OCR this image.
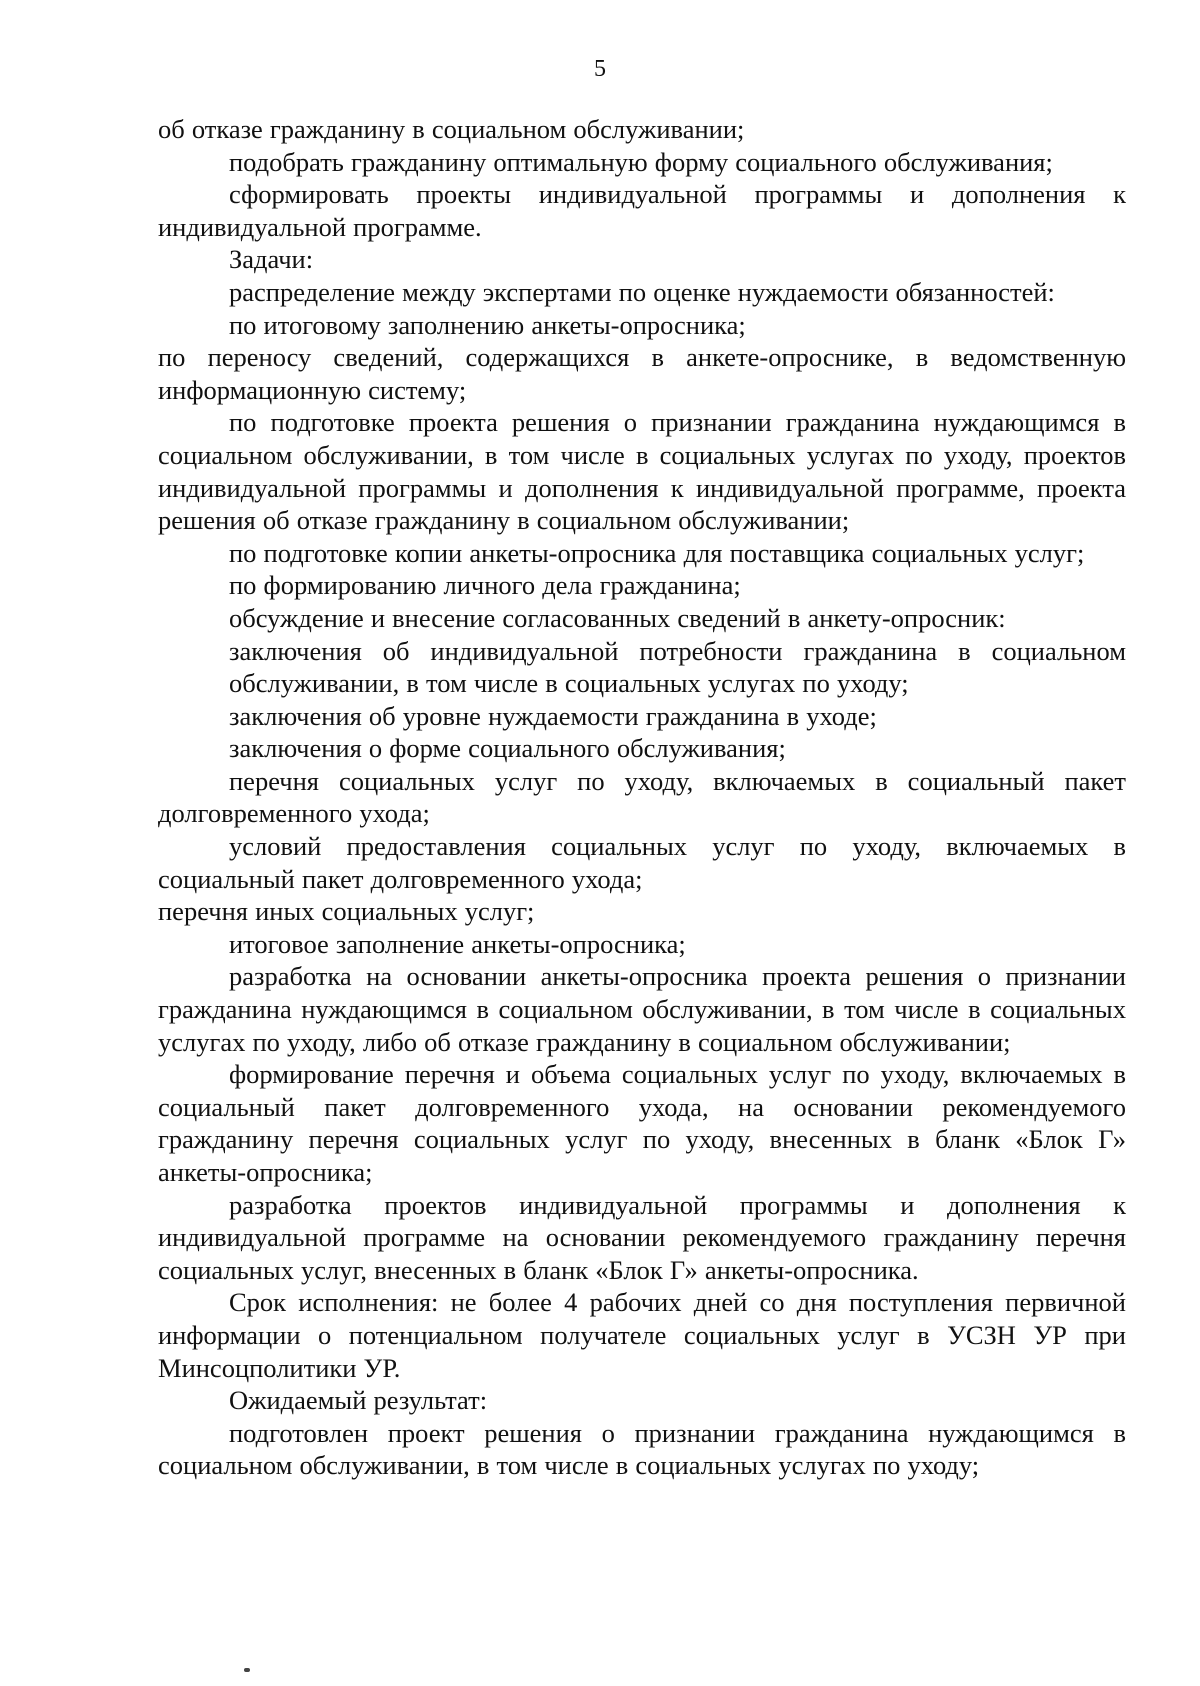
5

об отказе гражданину в социальном обслуживании;

подобрать гражданину оптимальную форму социального обслуживания;

сформировать проекты индивидуальной программы и дополнения к индивидуальной программе.

Задачи:

распределение между экспертами по оценке нуждаемости обязанностей:

по итоговому заполнению анкеты-опросника;

по переносу сведений, содержащихся в анкете-опроснике, в ведомственную информационную систему;

по подготовке проекта решения о признании гражданина нуждающимся в социальном обслуживании, в том числе в социальных услугах по уходу, проектов индивидуальной программы и дополнения к индивидуальной программе, проекта решения об отказе гражданину в социальном обслуживании;

по подготовке копии анкеты-опросника для поставщика социальных услуг;

по формированию личного дела гражданина;

обсуждение и внесение согласованных сведений в анкету-опросник:

заключения об индивидуальной потребности гражданина в социальном обслуживании, в том числе в социальных услугах по уходу;

заключения об уровне нуждаемости гражданина в уходе;

заключения о форме социального обслуживания;

перечня социальных услуг по уходу, включаемых в социальный пакет долговременного ухода;

условий предоставления социальных услуг по уходу, включаемых в социальный пакет долговременного ухода;

перечня иных социальных услуг;

итоговое заполнение анкеты-опросника;

разработка на основании анкеты-опросника проекта решения о признании гражданина нуждающимся в социальном обслуживании, в том числе в социальных услугах по уходу, либо об отказе гражданину в социальном обслуживании;

формирование перечня и объема социальных услуг по уходу, включаемых в социальный пакет долговременного ухода, на основании рекомендуемого гражданину перечня социальных услуг по уходу, внесенных в бланк «Блок Г» анкеты-опросника;

разработка проектов индивидуальной программы и дополнения к индивидуальной программе на основании рекомендуемого гражданину перечня социальных услуг, внесенных в бланк «Блок Г» анкеты-опросника.

Срок исполнения: не более 4 рабочих дней со дня поступления первичной информации о потенциальном получателе социальных услуг в УСЗН УР при Минсоцполитики УР.

Ожидаемый результат:

подготовлен проект решения о признании гражданина нуждающимся в социальном обслуживании, в том числе в социальных услугах по уходу;
